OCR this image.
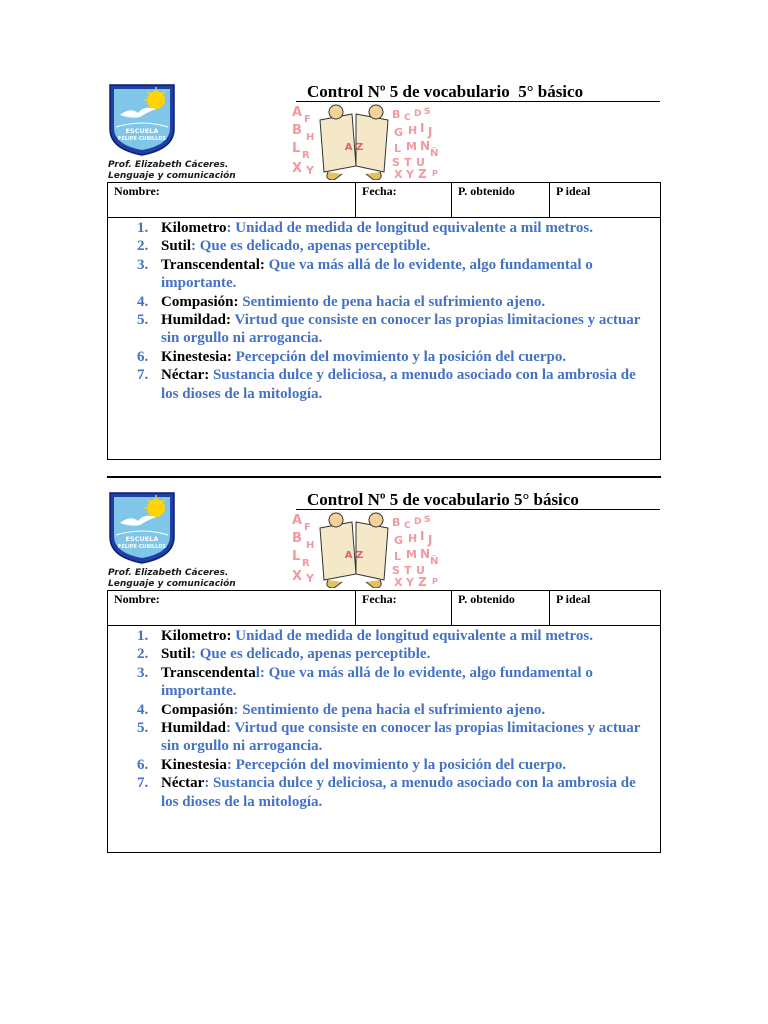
ESCUELA
FELIPE CUBILLOS
Prof. Elizabeth Cáceres.
Lenguaje y comunicación
Control Nº 5 de vocabulario  5° básico
A F
B H
L R
X Y
B C D S
G H I J
L M N
Ñ
S T U
X Y Z P
A Z
Nombre:	Fecha:	P. obtenido	P ideal
1. Kilometro: Unidad de medida de longitud equivalente a mil metros.
2. Sutil: Que es delicado, apenas perceptible.
3. Transcendental: Que va más allá de lo evidente, algo fundamental o importante.
4. Compasión: Sentimiento de pena hacia el sufrimiento ajeno.
5. Humildad: Virtud que consiste en conocer las propias limitaciones y actuar sin orgullo ni arrogancia.
6. Kinestesia: Percepción del movimiento y la posición del cuerpo.
7. Néctar: Sustancia dulce y deliciosa, a menudo asociado con la ambrosia de los dioses de la mitología.
ESCUELA
FELIPE CUBILLOS
Prof. Elizabeth Cáceres.
Lenguaje y comunicación
Control Nº 5 de vocabulario 5° básico
A F
B H
L R
X Y
B C D S
G H I J
L M N
Ñ
S T U
X Y Z P
A Z
Nombre:	Fecha:	P. obtenido	P ideal
1. Kilometro: Unidad de medida de longitud equivalente a mil metros.
2. Sutil: Que es delicado, apenas perceptible.
3. Transcendental: Que va más allá de lo evidente, algo fundamental o importante.
4. Compasión: Sentimiento de pena hacia el sufrimiento ajeno.
5. Humildad: Virtud que consiste en conocer las propias limitaciones y actuar sin orgullo ni arrogancia.
6. Kinestesia: Percepción del movimiento y la posición del cuerpo.
7. Néctar: Sustancia dulce y deliciosa, a menudo asociado con la ambrosia de los dioses de la mitología.
